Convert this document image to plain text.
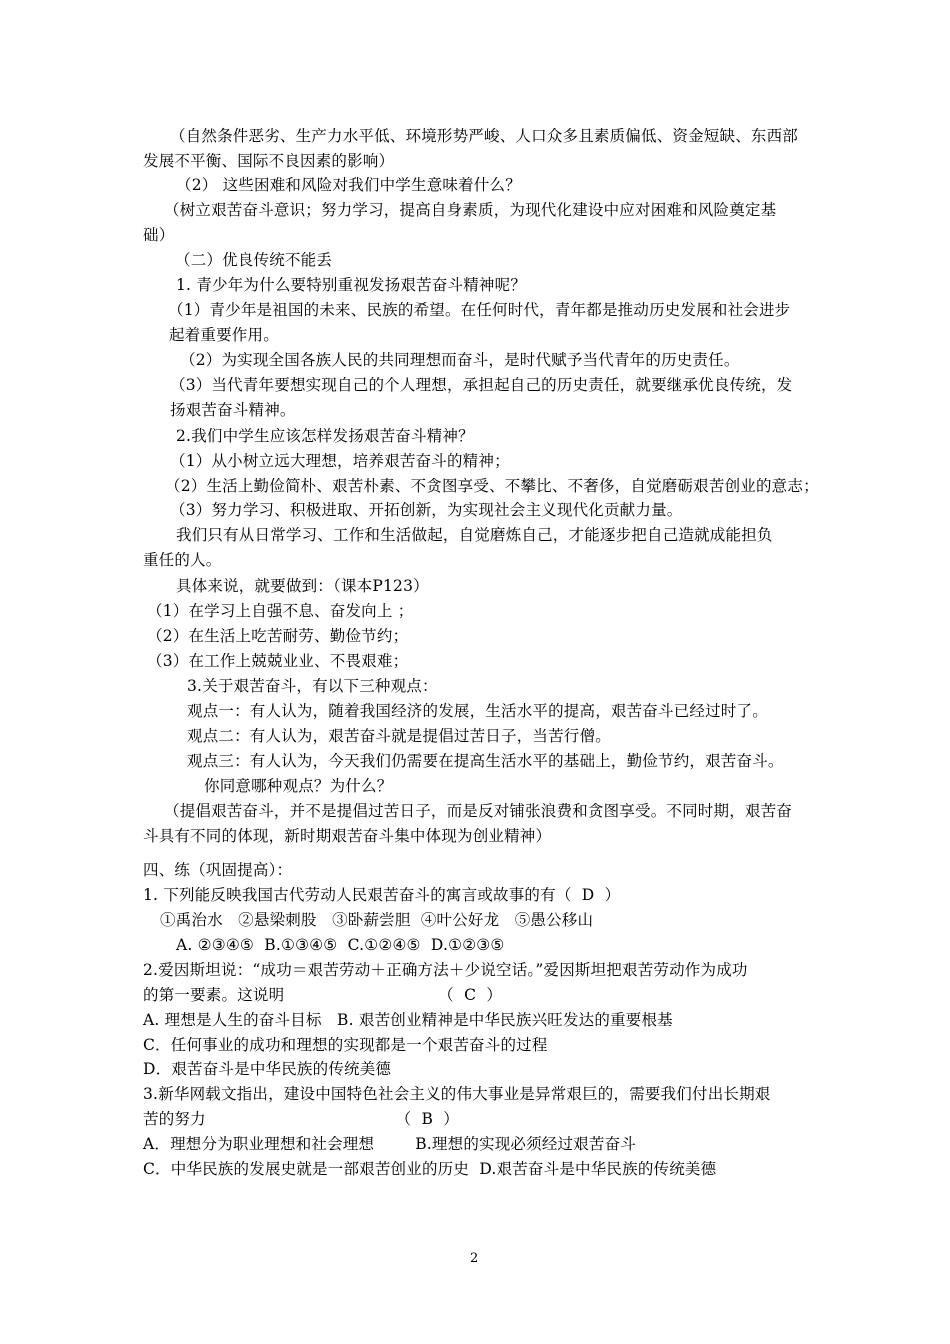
（自然条件恶劣、生产力水平低、环境形势严峻、人口众多且素质偏低、资金短缺、东西部
发展不平衡、国际不良因素的影响）
（2） 这些困难和风险对我们中学生意味着什么？
（树立艰苦奋斗意识；努力学习，提高自身素质，为现代化建设中应对困难和风险奠定基
础）
（二）优良传统不能丢
1. 青少年为什么要特别重视发扬艰苦奋斗精神呢？
（1）青少年是祖国的未来、民族的希望。在任何时代，青年都是推动历史发展和社会进步
起着重要作用。
（2）为实现全国各族人民的共同理想而奋斗，是时代赋予当代青年的历史责任。
（3）当代青年要想实现自己的个人理想，承担起自己的历史责任，就要继承优良传统，发
扬艰苦奋斗精神。
2.我们中学生应该怎样发扬艰苦奋斗精神？
（1）从小树立远大理想，培养艰苦奋斗的精神；
（2）生活上勤俭简朴、艰苦朴素、不贪图享受、不攀比、不奢侈，自觉磨砺艰苦创业的意志；
（3）努力学习、积极进取、开拓创新，为实现社会主义现代化贡献力量。
我们只有从日常学习、工作和生活做起，自觉磨炼自己，才能逐步把自己造就成能担负
重任的人。
具体来说，就要做到：（课本P123）
（1）在学习上自强不息、奋发向上 ；
（2）在生活上吃苦耐劳、勤俭节约；
（3）在工作上兢兢业业、不畏艰难；
3.关于艰苦奋斗，有以下三种观点：
观点一：有人认为，随着我国经济的发展，生活水平的提高，艰苦奋斗已经过时了。
观点二：有人认为，艰苦奋斗就是提倡过苦日子，当苦行僧。
观点三：有人认为，今天我们仍需要在提高生活水平的基础上，勤俭节约，艰苦奋斗。
你同意哪种观点？为什么？
（提倡艰苦奋斗，并不是提倡过苦日子，而是反对铺张浪费和贪图享受。不同时期，艰苦奋
斗具有不同的体现，新时期艰苦奋斗集中体现为创业精神）
四、练（巩固提高）：
1. 下列能反映我国古代劳动人民艰苦奋斗的寓言或故事的有（  D  ）
①禹治水   ②悬梁刺股   ③卧薪尝胆  ④叶公好龙   ⑤愚公移山
A. ②③④⑤  B.①③④⑤  C.①②④⑤  D.①②③⑤
2.爱因斯坦说：“成功＝艰苦劳动＋正确方法＋少说空话。”爱因斯坦把艰苦劳动作为成功
的第一要素。这说明                              （  C  ）
A. 理想是人生的奋斗目标   B. 艰苦创业精神是中华民族兴旺发达的重要根基
C．任何事业的成功和理想的实现都是一个艰苦奋斗的过程
D．艰苦奋斗是中华民族的传统美德
3.新华网载文指出，建设中国特色社会主义的伟大事业是异常艰巨的，需要我们付出长期艰
苦的努力                                     （  B  ）
A．理想分为职业理想和社会理想        B.理想的实现必须经过艰苦奋斗
C．中华民族的发展史就是一部艰苦创业的历史  D.艰苦奋斗是中华民族的传统美德
2
